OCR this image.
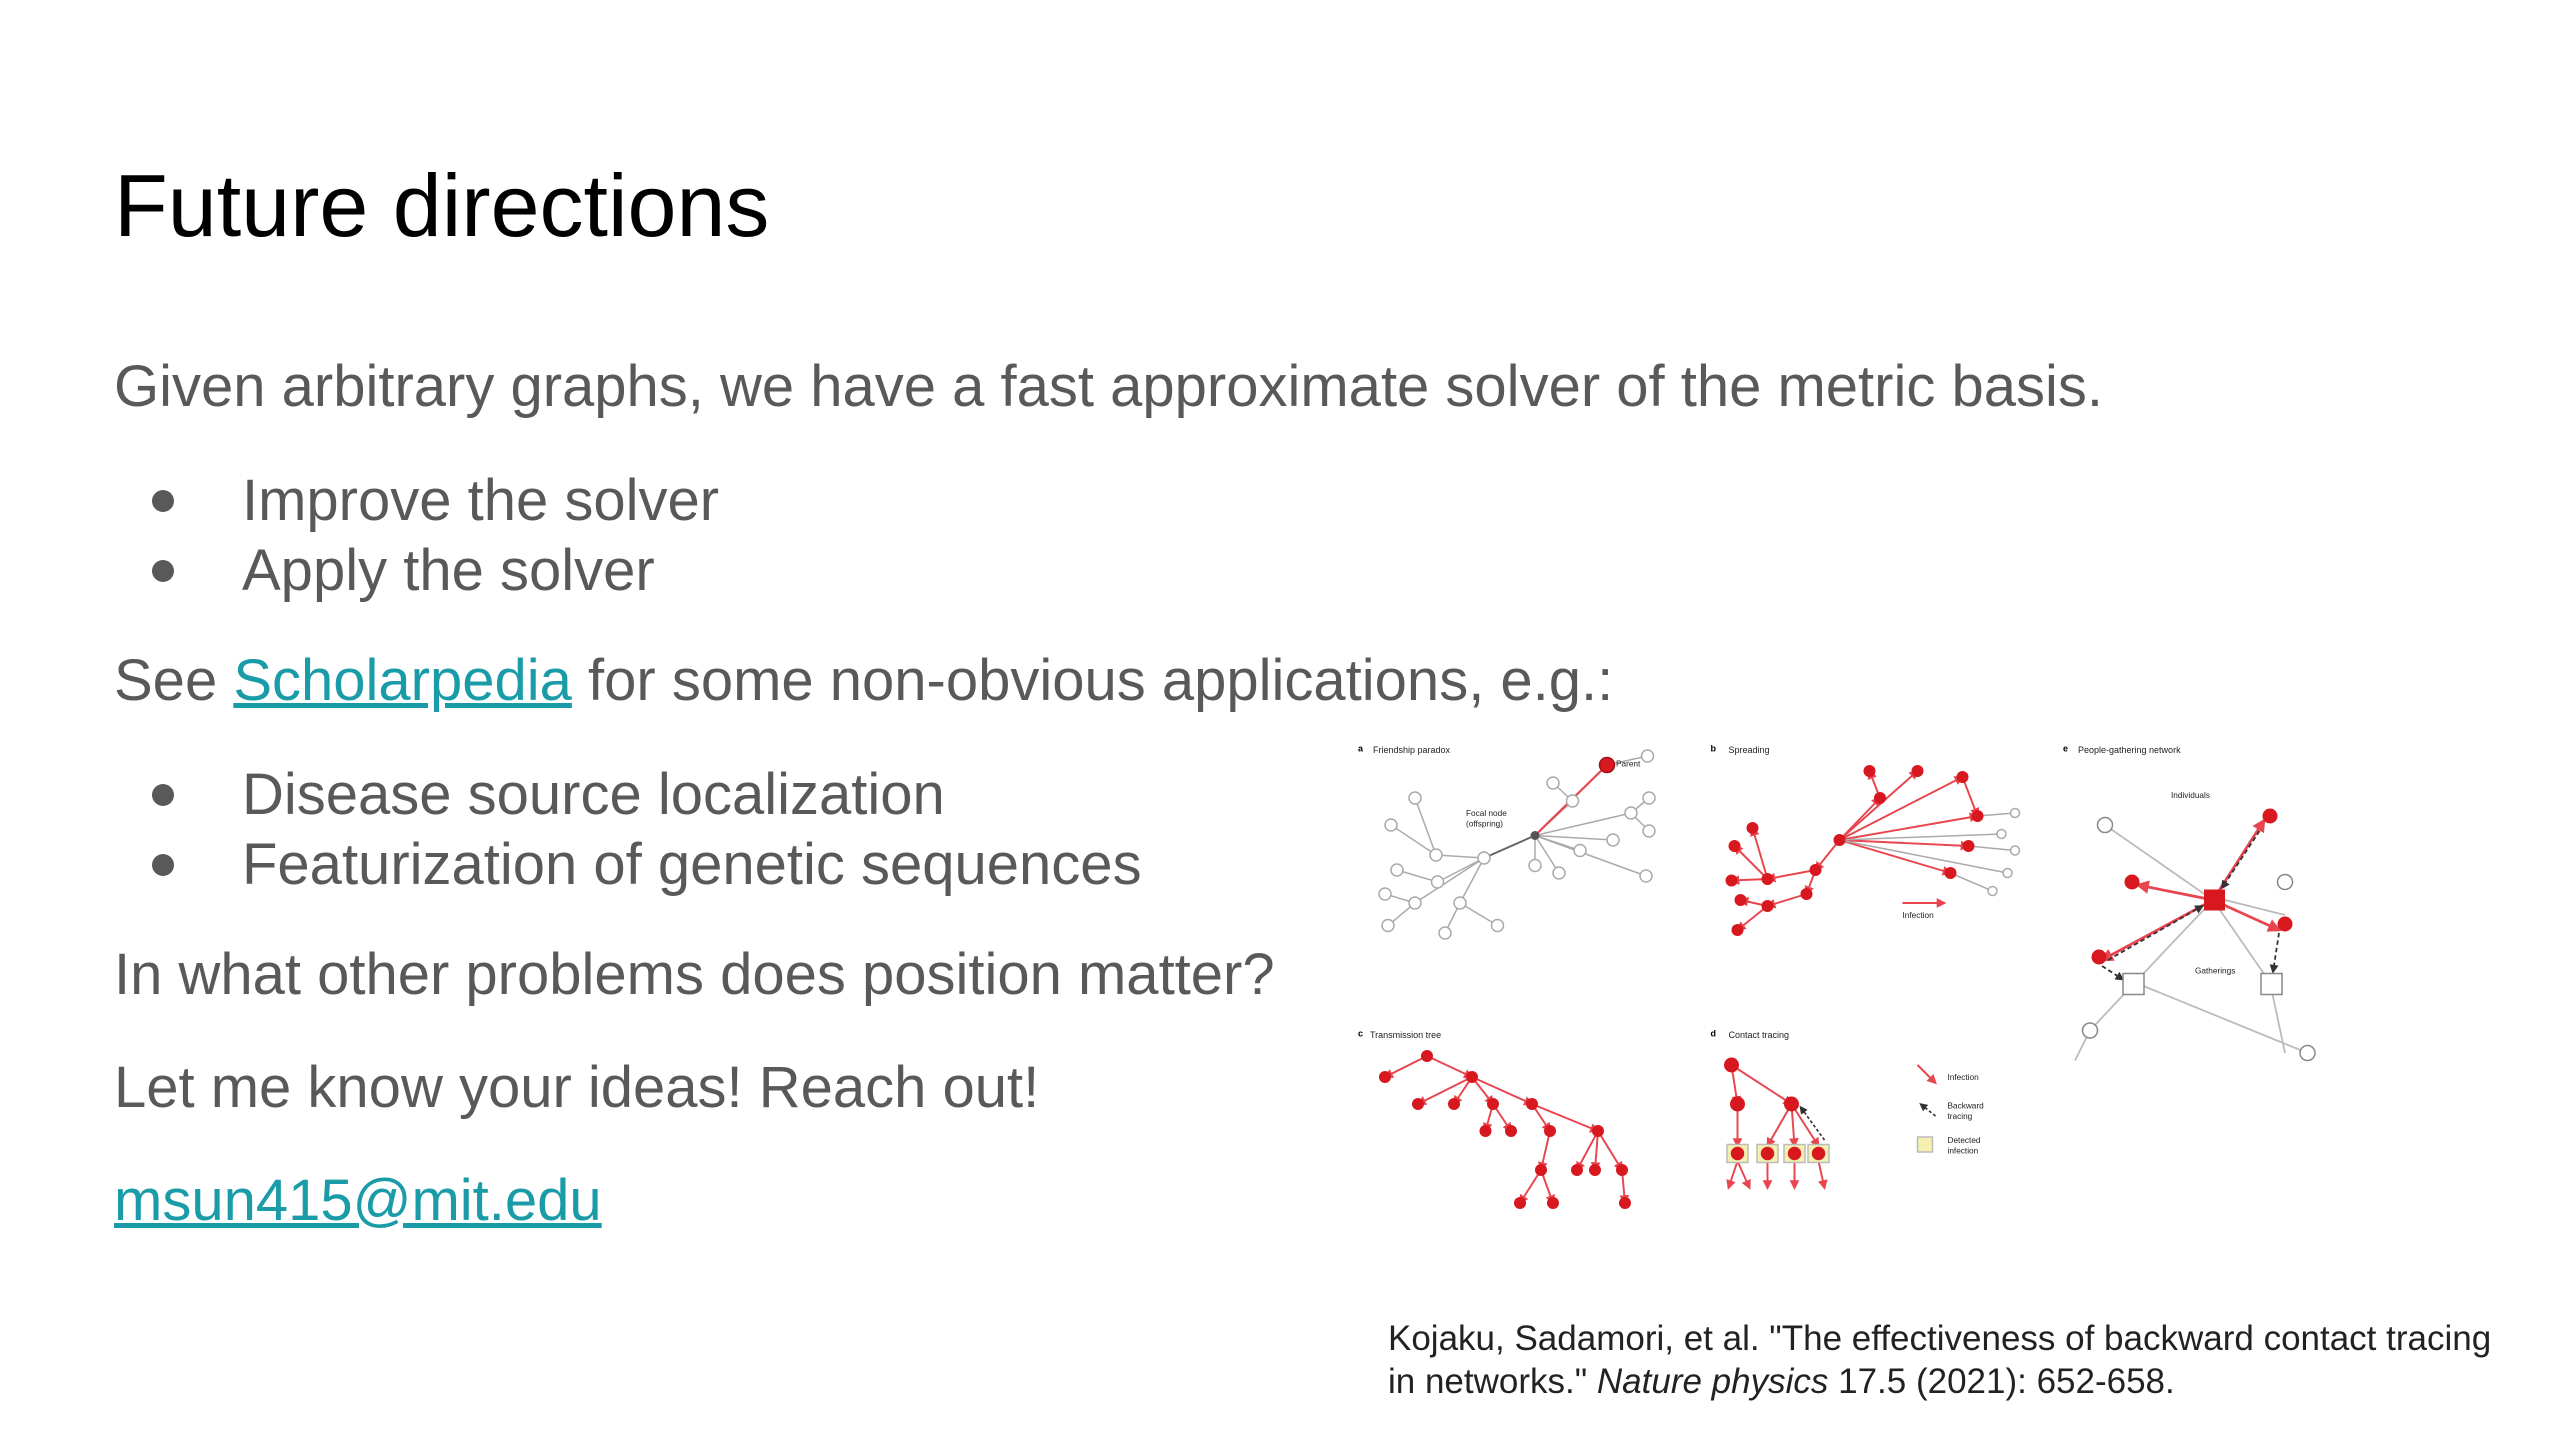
Future directions
Given arbitrary graphs, we have a fast approximate solver of the metric basis.
Improve the solver
Apply the solver
See Scholarpedia for some non-obvious applications, e.g.:
Disease source localization
Featurization of genetic sequences
In what other problems does position matter?
Let me know your ideas! Reach out!
msun415@mit.edu
a Friendship paradox
Parent
Focal node
(offspring)
b Spreading
Infection
e People-gathering network
Individuals
Gatherings
c Transmission tree	d Contact tracing
Infection
Backward
tracing
Detected
infection
Kojaku, Sadamori, et al. "The effectiveness of backward contact tracing
in networks." Nature physics 17.5 (2021): 652-658.
